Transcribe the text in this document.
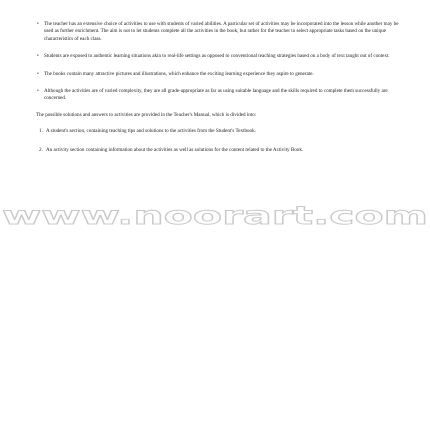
• The teacher has an extensive choice of activities to use with students of varied abilities. A particular set of activities may be incorporated into the lesson while another may be used as further enrichment. The aim is not to let students complete all the activities in the book, but rather for the teacher to select appropriate tasks based on the unique characteristics of each class.
• Students are exposed to authentic learning situations akin to real-life settings as opposed to conventional teaching strategies based on a body of text taught out of context.
• The books contain many attractive pictures and illustrations, which enhance the exciting learning experience they aspire to generate.
• Although the activities are of varied complexity, they are all grade-appropriate as far as using suitable language and the skills required to complete them successfully are concerned.
The possible solutions and answers to activities are provided in the Teacher's Manual, which is divided into:
1. A student's section, containing teaching tips and solutions to the activities from the Student's Textbook.
2. An activity section containing information about the activities as well as solutions for the content related to the Activity Book.
www.noorart.com
